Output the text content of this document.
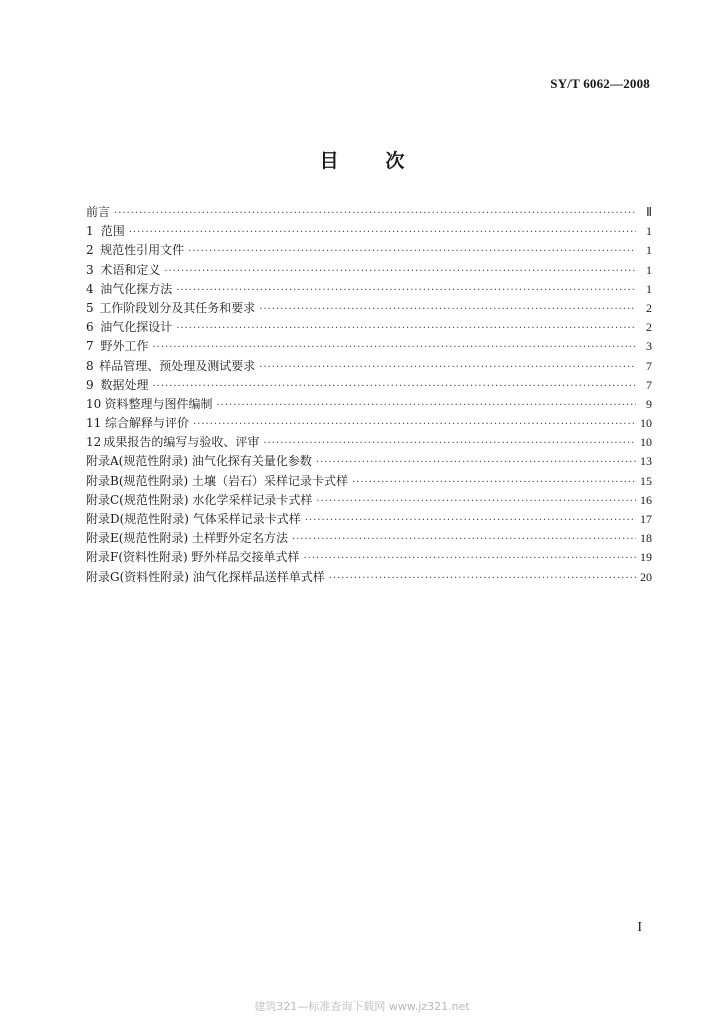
SY/T 6062—2008
目 次
前言 ·····	Ⅱ
1 范围 ·····	1
2 规范性引用文件 ·····	1
3 术语和定义 ·····	1
4 油气化探方法 ·····	1
5 工作阶段划分及其任务和要求 ·····	2
6 油气化探设计 ·····	2
7 野外工作 ·····	3
8 样品管理、预处理及测试要求 ·····	7
9 数据处理 ·····	7
10 资料整理与图件编制 ·····	9
11 综合解释与评价 ·····	10
12 成果报告的编写与验收、评审 ·····	10
附录A(规范性附录) 油气化探有关量化参数 ·····	13
附录B(规范性附录) 土壤（岩石）采样记录卡式样 ·····	15
附录C(规范性附录) 水化学采样记录卡式样 ·····	16
附录D(规范性附录) 气体采样记录卡式样 ·····	17
附录E(规范性附录) 土样野外定名方法 ·····	18
附录F(资料性附录) 野外样品交接单式样 ·····	19
附录G(资料性附录) 油气化探样品送样单式样 ·····	20
I
建筑321—标准查询下载网 www.jz321.net
